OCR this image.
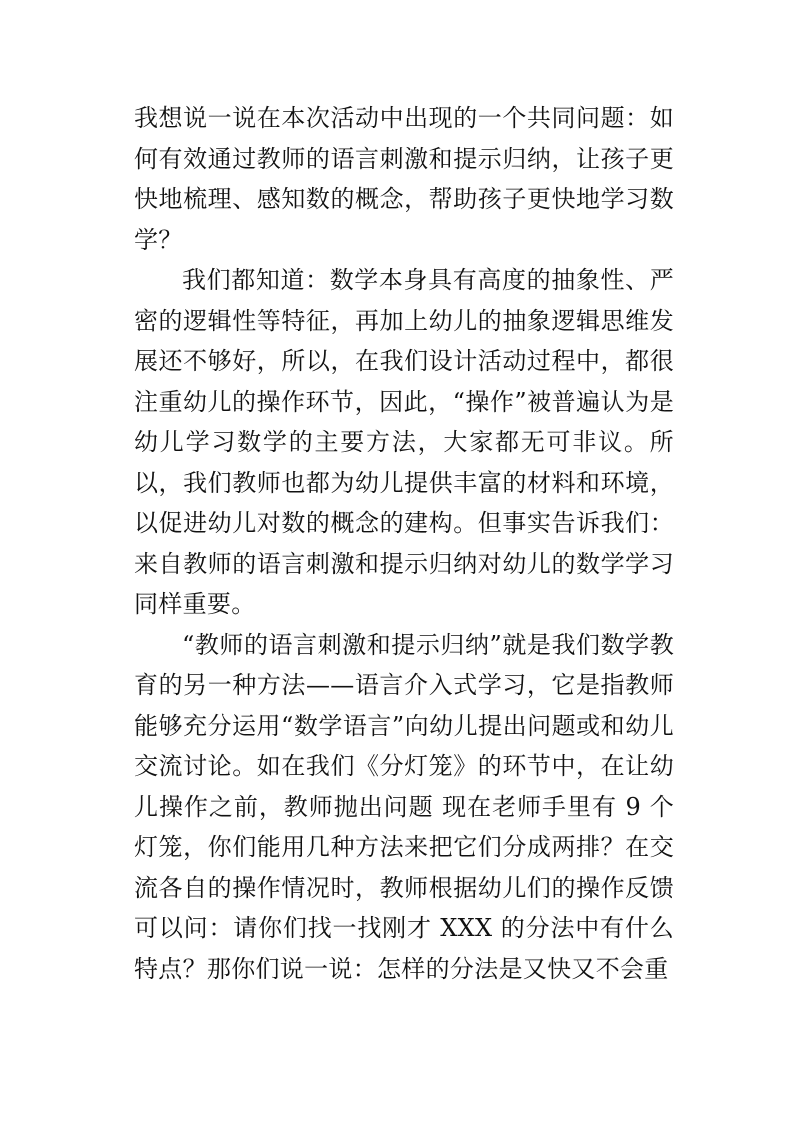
我想说一说在本次活动中出现的一个共同问题：如何有效通过教师的语言刺激和提示归纳，让孩子更快地梳理、感知数的概念，帮助孩子更快地学习数学？

我们都知道：数学本身具有高度的抽象性、严密的逻辑性等特征，再加上幼儿的抽象逻辑思维发展还不够好，所以，在我们设计活动过程中，都很注重幼儿的操作环节，因此，“操作”被普遍认为是幼儿学习数学的主要方法，大家都无可非议。所以，我们教师也都为幼儿提供丰富的材料和环境，以促进幼儿对数的概念的建构。但事实告诉我们：来自教师的语言刺激和提示归纳对幼儿的数学学习同样重要。

“教师的语言刺激和提示归纳”就是我们数学教育的另一种方法——语言介入式学习，它是指教师能够充分运用“数学语言”向幼儿提出问题或和幼儿交流讨论。如在我们《分灯笼》的环节中，在让幼儿操作之前，教师抛出问题 现在老师手里有 9 个灯笼，你们能用几种方法来把它们分成两排？在交流各自的操作情况时，教师根据幼儿们的操作反馈可以问：请你们找一找刚才 XXX 的分法中有什么特点？那你们说一说：怎样的分法是又快又不会重
